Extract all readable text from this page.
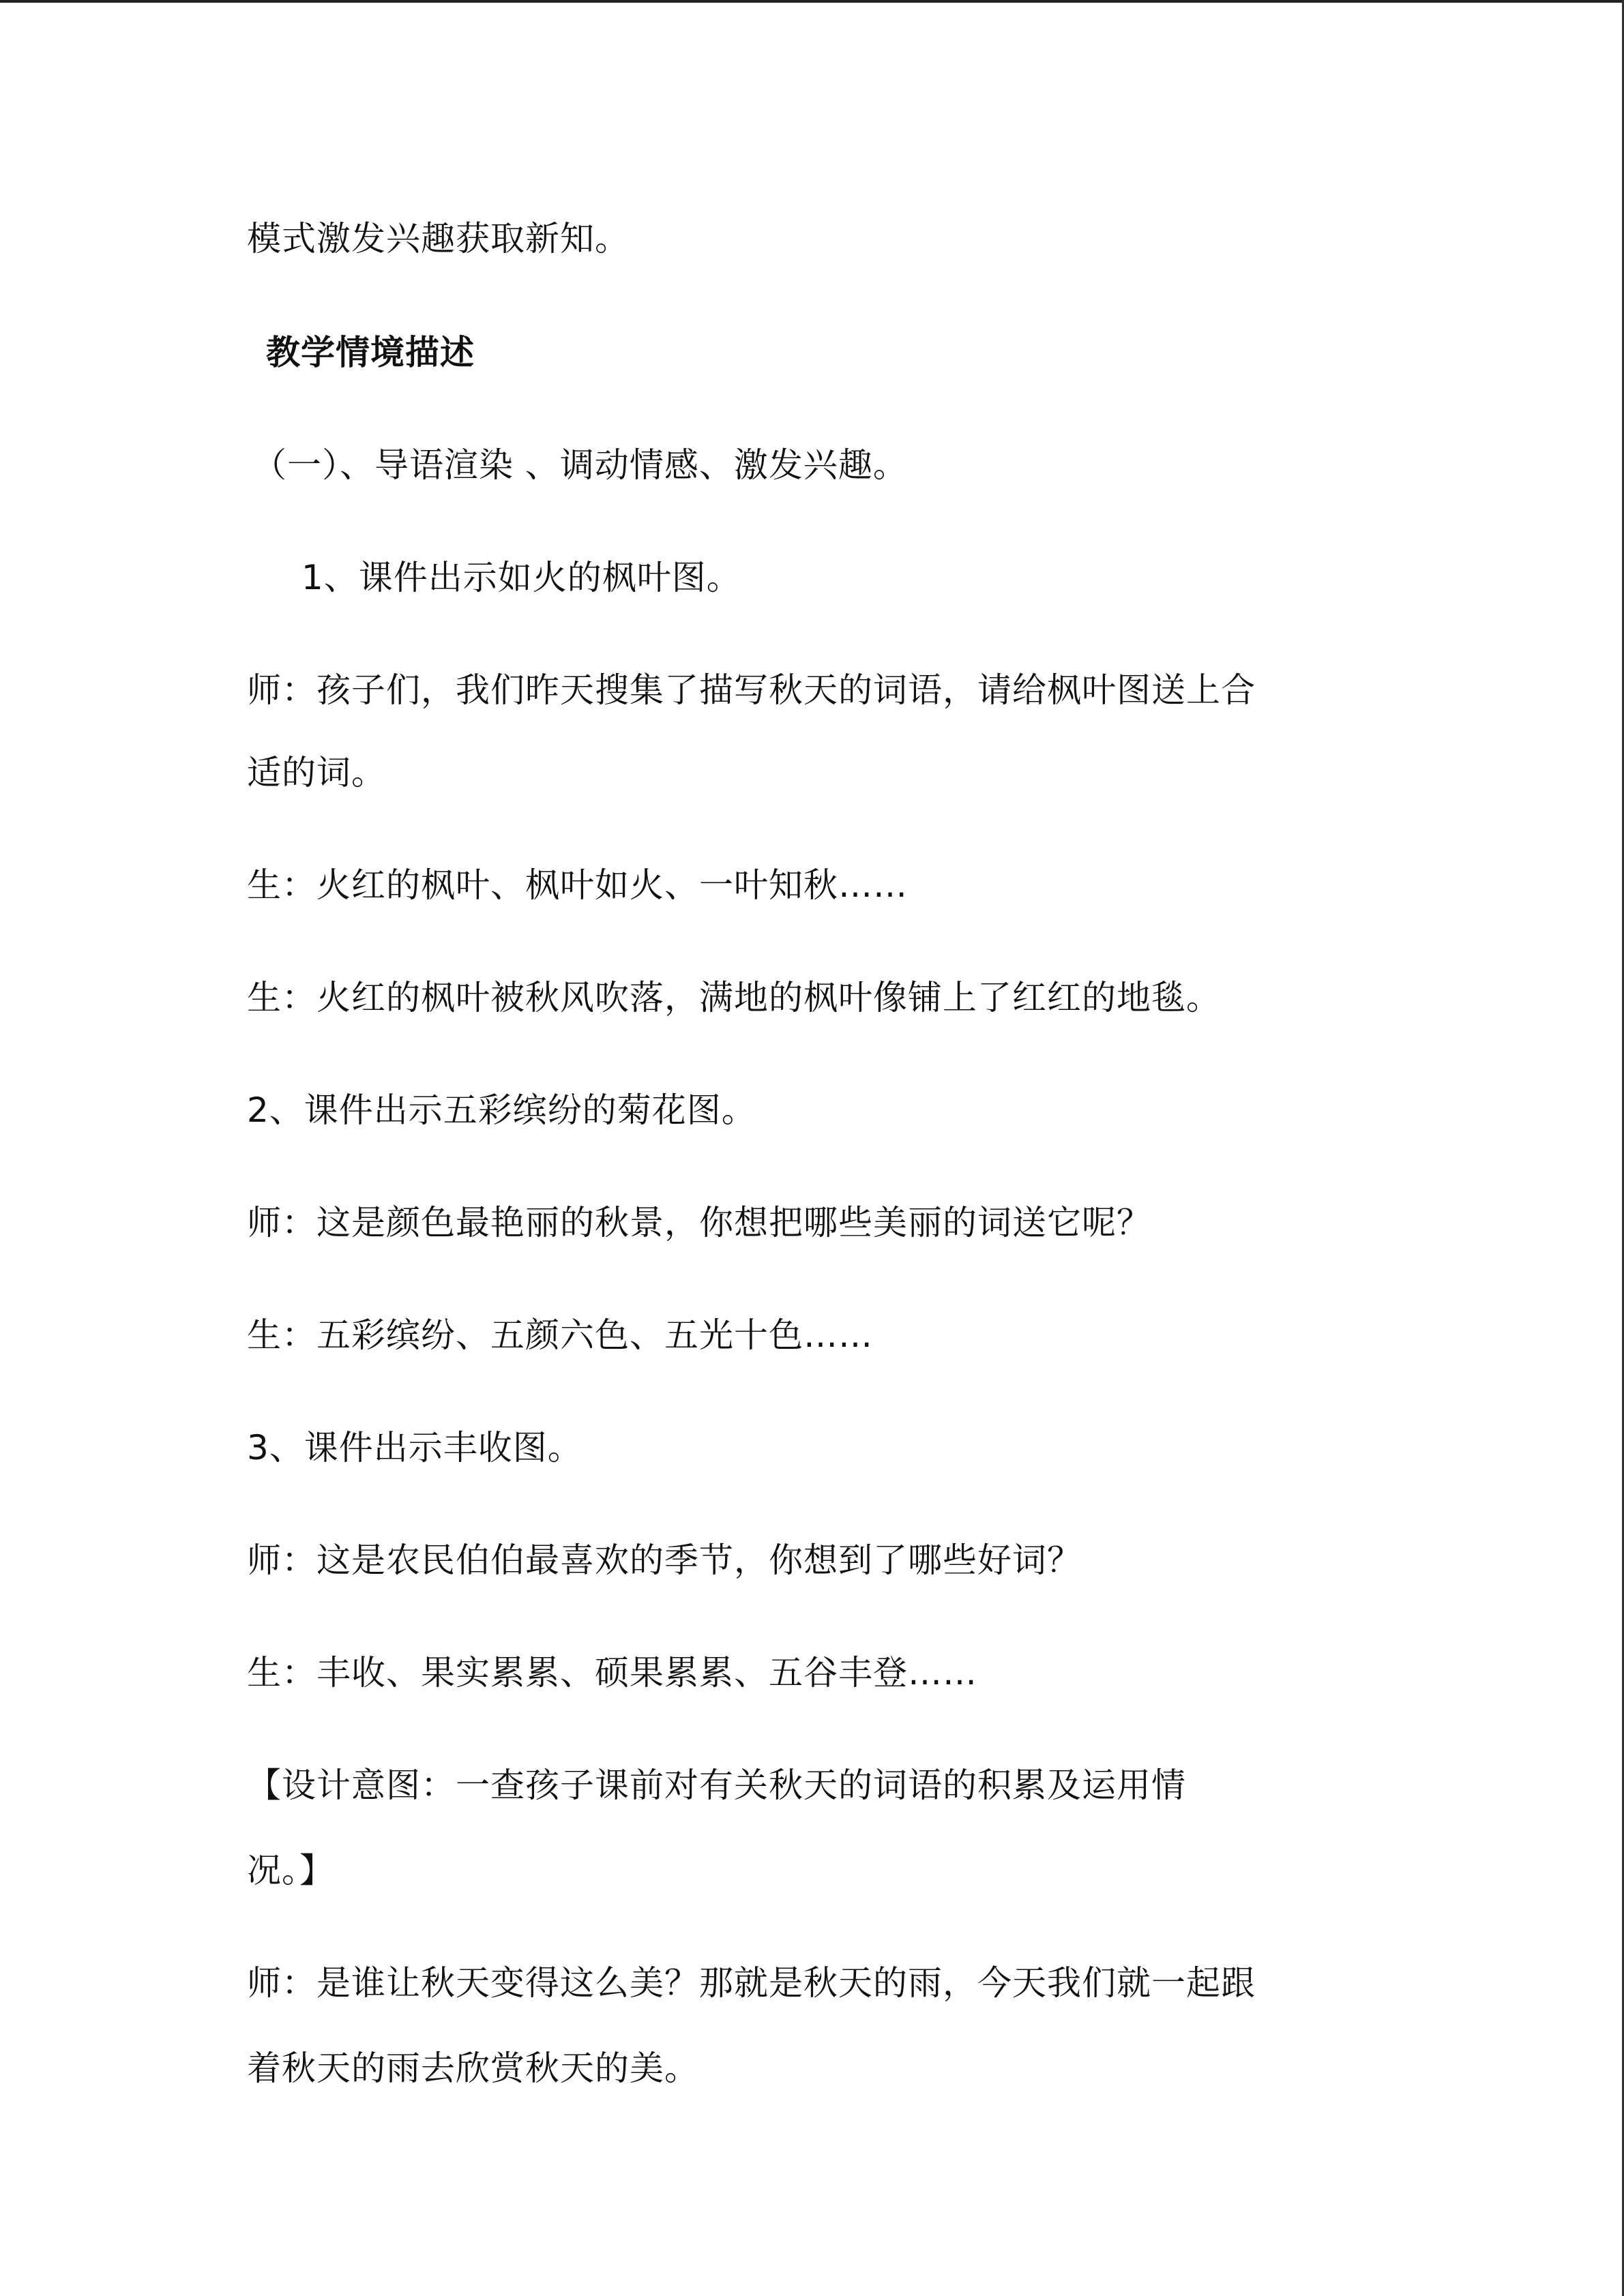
模式激发兴趣获取新知。
教学情境描述
（一）、导语渲染 、调动情感、激发兴趣。
1、课件出示如火的枫叶图。
师：孩子们，我们昨天搜集了描写秋天的词语，请给枫叶图送上合
适的词。
生：火红的枫叶、枫叶如火、一叶知秋……
生：火红的枫叶被秋风吹落，满地的枫叶像铺上了红红的地毯。
2、课件出示五彩缤纷的菊花图。
师：这是颜色最艳丽的秋景，你想把哪些美丽的词送它呢？
生：五彩缤纷、五颜六色、五光十色……
3、课件出示丰收图。
师：这是农民伯伯最喜欢的季节，你想到了哪些好词？
生：丰收、果实累累、硕果累累、五谷丰登……
【设计意图：一查孩子课前对有关秋天的词语的积累及运用情
况。】
师：是谁让秋天变得这么美？那就是秋天的雨，今天我们就一起跟
着秋天的雨去欣赏秋天的美。
